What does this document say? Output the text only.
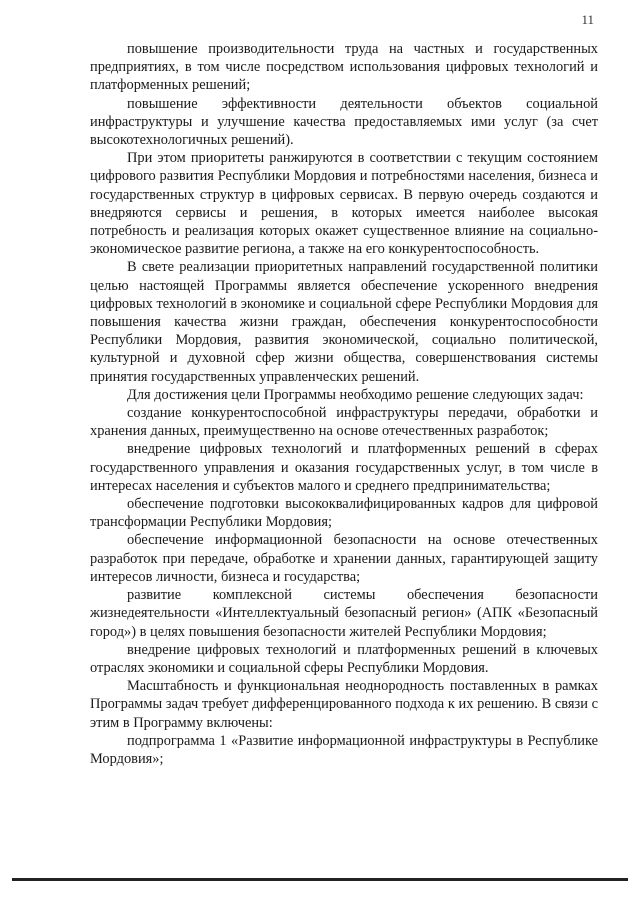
11

повышение производительности труда на частных и государственных предприятиях, в том числе посредством использования цифровых технологий и платформенных решений;

повышение эффективности деятельности объектов социальной инфраструктуры и улучшение качества предоставляемых ими услуг (за счет высокотехнологичных решений).

При этом приоритеты ранжируются в соответствии с текущим состоянием цифрового развития Республики Мордовия и потребностями населения, бизнеса и государственных структур в цифровых сервисах. В первую очередь создаются и внедряются сервисы и решения, в которых имеется наиболее высокая потребность и реализация которых окажет существенное влияние на социально-экономическое развитие региона, а также на его конкурентоспособность.

В свете реализации приоритетных направлений государственной политики целью настоящей Программы является обеспечение ускоренного внедрения цифровых технологий в экономике и социальной сфере Республики Мордовия для повышения качества жизни граждан, обеспечения конкурентоспособности Республики Мордовия, развития экономической, социально политической, культурной и духовной сфер жизни общества, совершенствования системы принятия государственных управленческих решений.

Для достижения цели Программы необходимо решение следующих задач:

создание конкурентоспособной инфраструктуры передачи, обработки и хранения данных, преимущественно на основе отечественных разработок;

внедрение цифровых технологий и платформенных решений в сферах государственного управления и оказания государственных услуг, в том числе в интересах населения и субъектов малого и среднего предпринимательства;

обеспечение подготовки высококвалифицированных кадров для цифровой трансформации Республики Мордовия;

обеспечение информационной безопасности на основе отечественных разработок при передаче, обработке и хранении данных, гарантирующей защиту интересов личности, бизнеса и государства;

развитие комплексной системы обеспечения безопасности жизнедеятельности «Интеллектуальный безопасный регион» (АПК «Безопасный город») в целях повышения безопасности жителей Республики Мордовия;

внедрение цифровых технологий и платформенных решений в ключевых отраслях экономики и социальной сферы Республики Мордовия.

Масштабность и функциональная неоднородность поставленных в рамках Программы задач требует дифференцированного подхода к их решению. В связи с этим в Программу включены:

подпрограмма 1 «Развитие информационной инфраструктуры в Республике Мордовия»;
